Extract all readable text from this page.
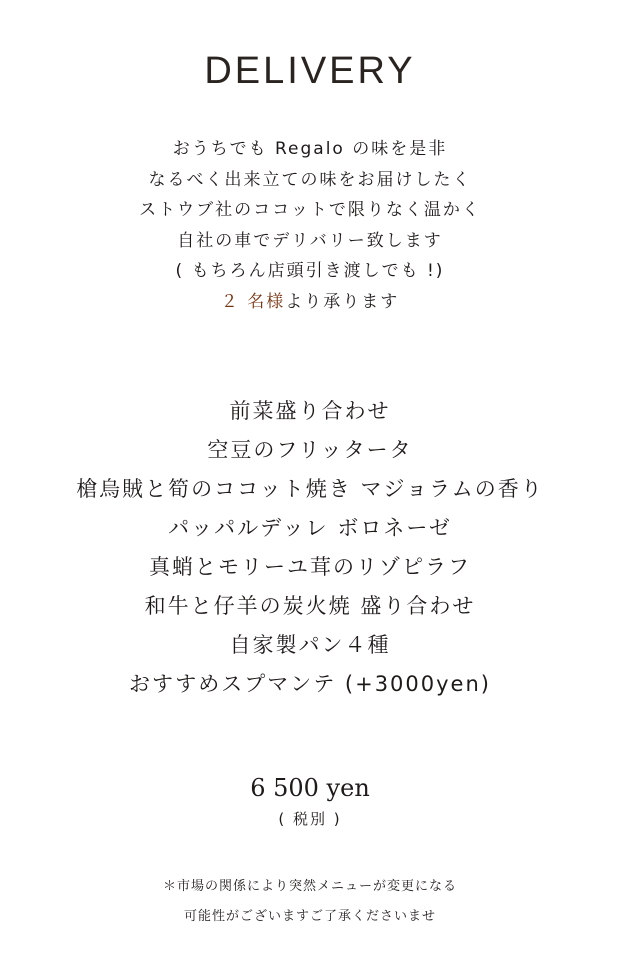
DELIVERY
おうちでも Regalo の味を是非
なるべく出来立ての味をお届けしたく
ストウブ社のココットで限りなく温かく
自社の車でデリバリー致します
( もちろん店頭引き渡しでも !)
２ 名様より承ります
前菜盛り合わせ
空豆のフリッタータ
槍烏賊と筍のココット焼き マジョラムの香り
パッパルデッレ ボロネーゼ
真蛸とモリーユ茸のリゾピラフ
和牛と仔羊の炭火焼 盛り合わせ
自家製パン４種
おすすめスプマンテ (+3000yen)
6 500 yen
( 税別 )
＊市場の関係により突然メニューが変更になる
可能性がございますご了承くださいませ
